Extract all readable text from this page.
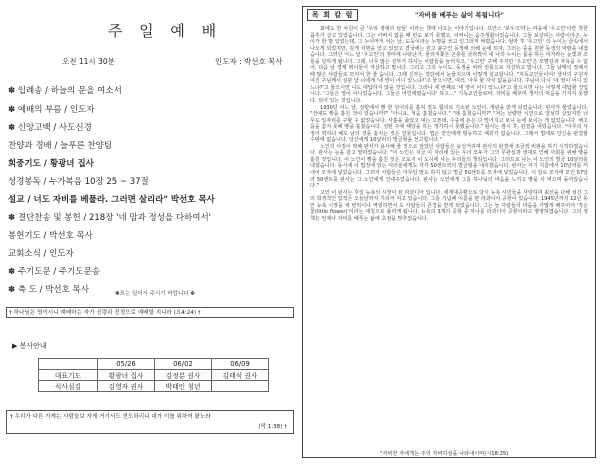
주 일 예 배
오전 11시 30분	인도자 : 박선호 목사
✽ 입례송 / 하늘의 문을 여소서
✽ 예배의 부름 / 인도자
✽ 신앙고백 / 사도신경
찬양과 경배 / 늘푸른 찬양팀
회중기도 / 황광녀 집사
성경봉독 / 누가복음 10장 25 ~ 37절
설교 / 너도 자비를 베풀라. 그러면 살리라" 박선호 목사
✽ 결단찬송 및 봉헌 / 218장 '네 맘과 정성을 다하여서'
봉헌기도 / 박선호 목사
교회소식 / 인도자
✽ 주기도문 / 주기도문송
✽ 축 도 / 박선호 목사	✽표는 일어서 주시기 바랍니다 ✽
† 하나님은 영이시니 예배하는 자가 신령과 진정으로 예배할 지니라 (요4:24) †
▶ 봉사안내
	05/26	06/02	06/09
대표기도	황광녀 집사	김정분 권사	김태식 권사
식사섬김	김영자 권사	박태인 청년	
† 우리가 다른 가게는 사람들보 자게 거기서도 전도하리니 내가 이를 위하여 왔노라
(막 1:38) †
목 회 칼 럼	"자비를 베푸는 삶이 복됩니다"

최에도 한 차원이 큰 '우리 생애의 날들' 이라는 책에 나오는 이야기입니다. 프란스 '보우크'라는 마을에 '우고린'이란 착한 꼽추가 살고 있었습니다. 그는 아버지 없을 때 빈도 보기 못했고, 어머니는 음주생활이었습니다. 그들 보살피는 사람이라곤, 누이가 한 명 있었는데, 그 누이마저 어는 날, 도둑이라는 누명을 쓰고 일그러저 버렸습니다. 엄마 후 '우고린' 의 누이는 끌속에서 나오게 되었지만, 깊게 치명을 얻고 있었고 결국에는 원고 불구인 동생에 의해 눈에 되자, 그러는 중을 원한 동생의 악랄을 대접습니다. 그러던 어느 날 '우고린'의 정미에 나타난가, 물러져쫓은 곤충들 골라짝이 네 나의 누이는 몸을 하는 여자라는 눈빛과 조롱을 당하게 됩니다. 그래, 너무 많은 진부가 하셔는 사람들을 눌러지고, '우고린' 구해 주지만 '우고린'은 모멸감과 자욕을 수 없어, 다음 날 경제 벽이들어 자살하고 맙니다. 그리고 그의 누이도, 동생을 따라 전통으로 자살하고 맙니다. 그들 남매의 장례식 때 많은 사람들로 모여서 한 줄 습니다. 그때 신부는 강단에서 눈물지으며 이렇게 설교합니다. "지독교인들이여! 생사의 구원자여진 주님께서 심판 날 너에게 '네 영이 어디 있느냐?'고 물으시면, 여러, 아무 할 자식 없을옵니다. 주님이 다시 '네 영이 어디 있느냐?'고 물으시면 나도 대답하지 않을 것입니다. 그러나 세 번째로 '네 영이 어디 있느냐?'고 물으시면 나는 이렇게 대답할 것입니다. '그들은 영이 아니었습니다. 그들은 어린애였습니다' 하고…" 기독교인들로써, 자비를 베푸며 생각의 마음을 가지지 못했다. 되어 있는 것입니다.

1930년 어느 날, 성탄에서 빵 한 덩어리를 훔쳐 절도 혐의로 기소된 노인이, 재판을 받게 되었습니다. 판사가 물었습니다. "전에도 빵을 훔친 적이 있습니까?" "아니요, 처음 훔쳤습니다." "왜 훔쳤습니까?" "저는 선량한 시민으로 열심히 살았지만 너무도 일자리를 구할 수 없었습니다. 사흘을 굶었고 내는 고픈데, 수중에 돈은 다 떨어지고 보니 눈에 보이는 게 없었습니다. 배고픔을 참지 못해 빵을 훔쳤습니다. 성탄 주에 해당을 하는 생각하시 못했습니다." 판사는 잠시 후, 판결을 내렸습니다. "아무리 사정이 딱하다 해도 남의 것을 훔치는 것은 잘못입니다. 법은 만인에게 평등하고 예외가 없습니다. 그래서 법대로 당신을 판결할 수밖에 없습니다. 당신에게 10달러의 벌금형을 선고합니다."

노인의 사정이 딱해 판사가 용서해 줄 것으로 알았던 사람들은 웅성거리며 판사의 판결에 조금씩 비판을 하기 시작하였습니다. 판사는 눈을 감고 말하였습니다. "이 노인은 지금 이 자리에 있는 우리 모두가 그의 무관심과 냉대로 인해 사회를 위해 빵을 훔친 것입니다. 이 노인이 빵을 훔친 것은 오로지 이 도시에 사는 우리들의 책임입니다. 그러므로 나는 이 노인의 벌금 10달러를 내겠습니다. 동시에 이 법정에 있는 여러분에게도 각각 50센트씩의 벌금형을 내리겠습니다. 판사는 자기 지갑에서 10달러를 꺼내어 모자에 넣었습니다. 그러자 사람들은 아무런 말도 하지 않고 벌금 50센트를 모자에 넣었습니다. 이 일로 모자에 모인 57달러 50센트를 판사는 그 노인에게 건네주었습니다. 판사는 노인에게 그를 하나님의 마음을 느끼고 빵을 사 먹으며 돌아갔습니다."

고인 이 판사는 후일 뉴욕의 시장이 된 라과디아 입니다. 세계대공황으로 당시 뉴욕 시민들을 사랑하며 최선을 다해 섬긴 그의 희생적인 업적은 오늘날까지 기리어 지고 있습니다. 그를 기념해 이름을 딴 라과디아 공항이 있습니다. 1945년까지 12년 동안 뉴욕 시장을 세 번씩이나 역임하면서 도 사람들의 존경을 받게 되었습니다. 그는 늘 사람들의 마음을 가볍게 해주어서 '작은 꽃(little flower)'이라는 애칭으로 불리게 됩니다. 뉴욕의 3개의 공항 중 하나를 라과디아 공항이라고 명명하였습니다. 그의 정책은 언제나 자비를 베푸는 삶에 초점을 맞추었습니다.

"자비한 자에게는 주의 자비하심을 나타내시며(시18:25)
